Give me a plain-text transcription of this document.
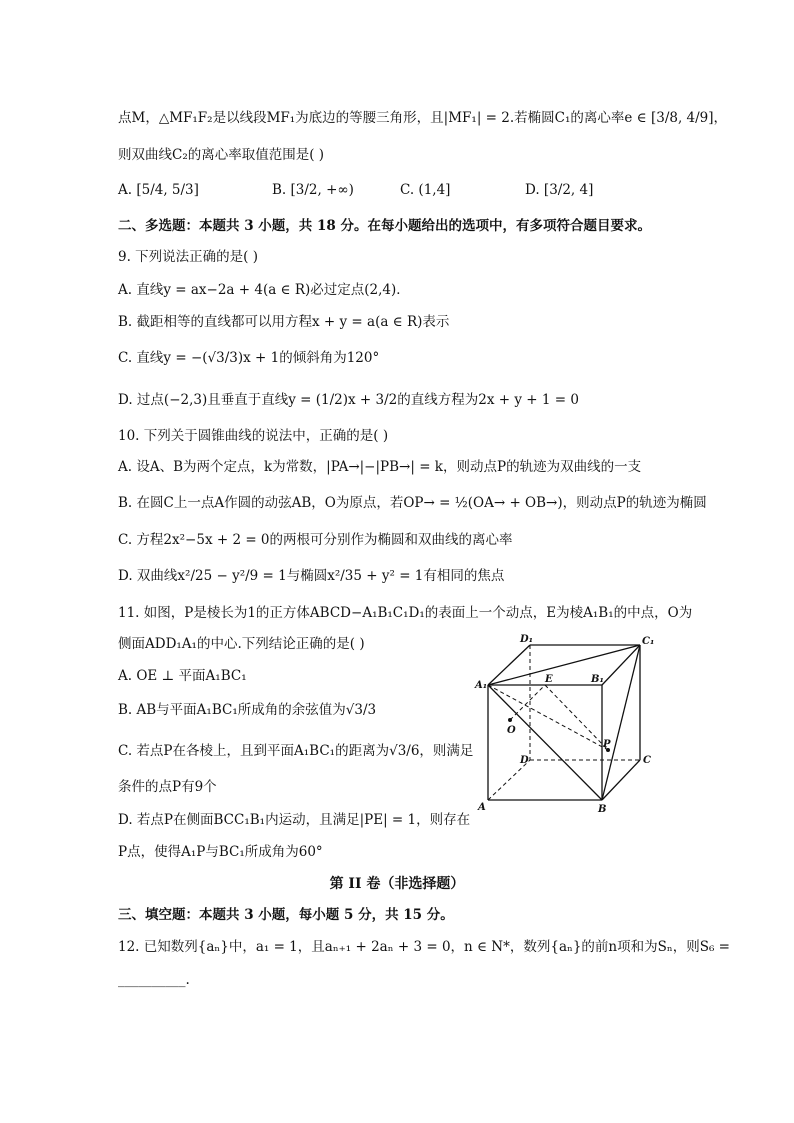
点M，△MF₁F₂是以线段MF₁为底边的等腰三角形，且|MF₁| = 2.若椭圆C₁的离心率e ∈ [3/8, 4/9]，
则双曲线C₂的离心率取值范围是( )
A. [5/4, 5/3]	B. [3/2, +∞)	C. (1,4]	D. [3/2, 4]
二、多选题：本题共 3 小题，共 18 分。在每小题给出的选项中，有多项符合题目要求。
9. 下列说法正确的是( )
A. 直线y = ax−2a + 4(a ∈ R)必过定点(2,4)．
B. 截距相等的直线都可以用方程x + y = a(a ∈ R)表示
C. 直线y = −(√3/3)x + 1的倾斜角为120°
D. 过点(−2,3)且垂直于直线y = (1/2)x + 3/2的直线方程为2x + y + 1 = 0
10. 下列关于圆锥曲线的说法中，正确的是( )
A. 设A、B为两个定点，k为常数，|PA→|−|PB→| = k，则动点P的轨迹为双曲线的一支
B. 在圆C上一点A作圆的动弦AB，O为原点，若OP→ = ½(OA→ + OB→)，则动点P的轨迹为椭圆
C. 方程2x²−5x + 2 = 0的两根可分别作为椭圆和双曲线的离心率
D. 双曲线x²/25 − y²/9 = 1与椭圆x²/35 + y² = 1有相同的焦点
11. 如图，P是棱长为1的正方体ABCD−A₁B₁C₁D₁的表面上一个动点，E为棱A₁B₁的中点，O为
侧面ADD₁A₁的中心.下列结论正确的是( )
A. OE ⊥ 平面A₁BC₁
B. AB与平面A₁BC₁所成角的余弦值为√3/3
C. 若点P在各棱上，且到平面A₁BC₁的距离为√3/6，则满足
条件的点P有9个
D. 若点P在侧面BCC₁B₁内运动，且满足|PE| = 1，则存在
P点，使得A₁P与BC₁所成角为60°
D₁	C₁
A₁
E	B₁
O
P
D	C
A	B
第 II 卷（非选择题）
三、填空题：本题共 3 小题，每小题 5 分，共 15 分。
12. 已知数列{aₙ}中，a₁ = 1，且aₙ₊₁ + 2aₙ + 3 = 0，n ∈ N*，数列{aₙ}的前n项和为Sₙ，则S₆ =
__________.
